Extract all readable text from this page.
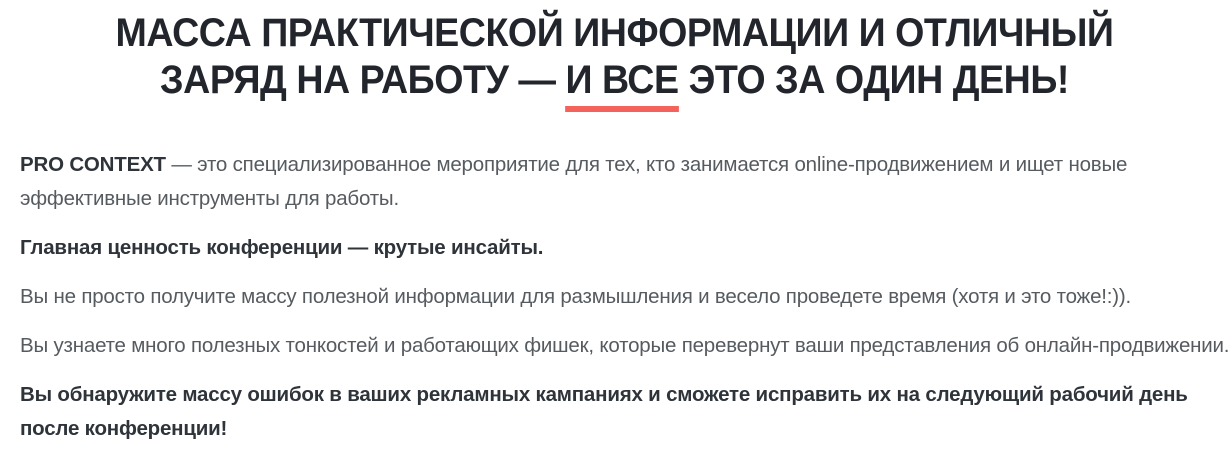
МАССА ПРАКТИЧЕСКОЙ ИНФОРМАЦИИ И ОТЛИЧНЫЙ
ЗАРЯД НА РАБОТУ — И ВСЕ ЭТО ЗА ОДИН ДЕНЬ!

PRO CONTEXT — это специализированное мероприятие для тех, кто занимается online-продвижением и ищет новые
эффективные инструменты для работы.

Главная ценность конференции — крутые инсайты.

Вы не просто получите массу полезной информации для размышления и весело проведете время (хотя и это тоже!:)).

Вы узнаете много полезных тонкостей и работающих фишек, которые перевернут ваши представления об онлайн-продвижении.

Вы обнаружите массу ошибок в ваших рекламных кампаниях и сможете исправить их на следующий рабочий день
после конференции!
